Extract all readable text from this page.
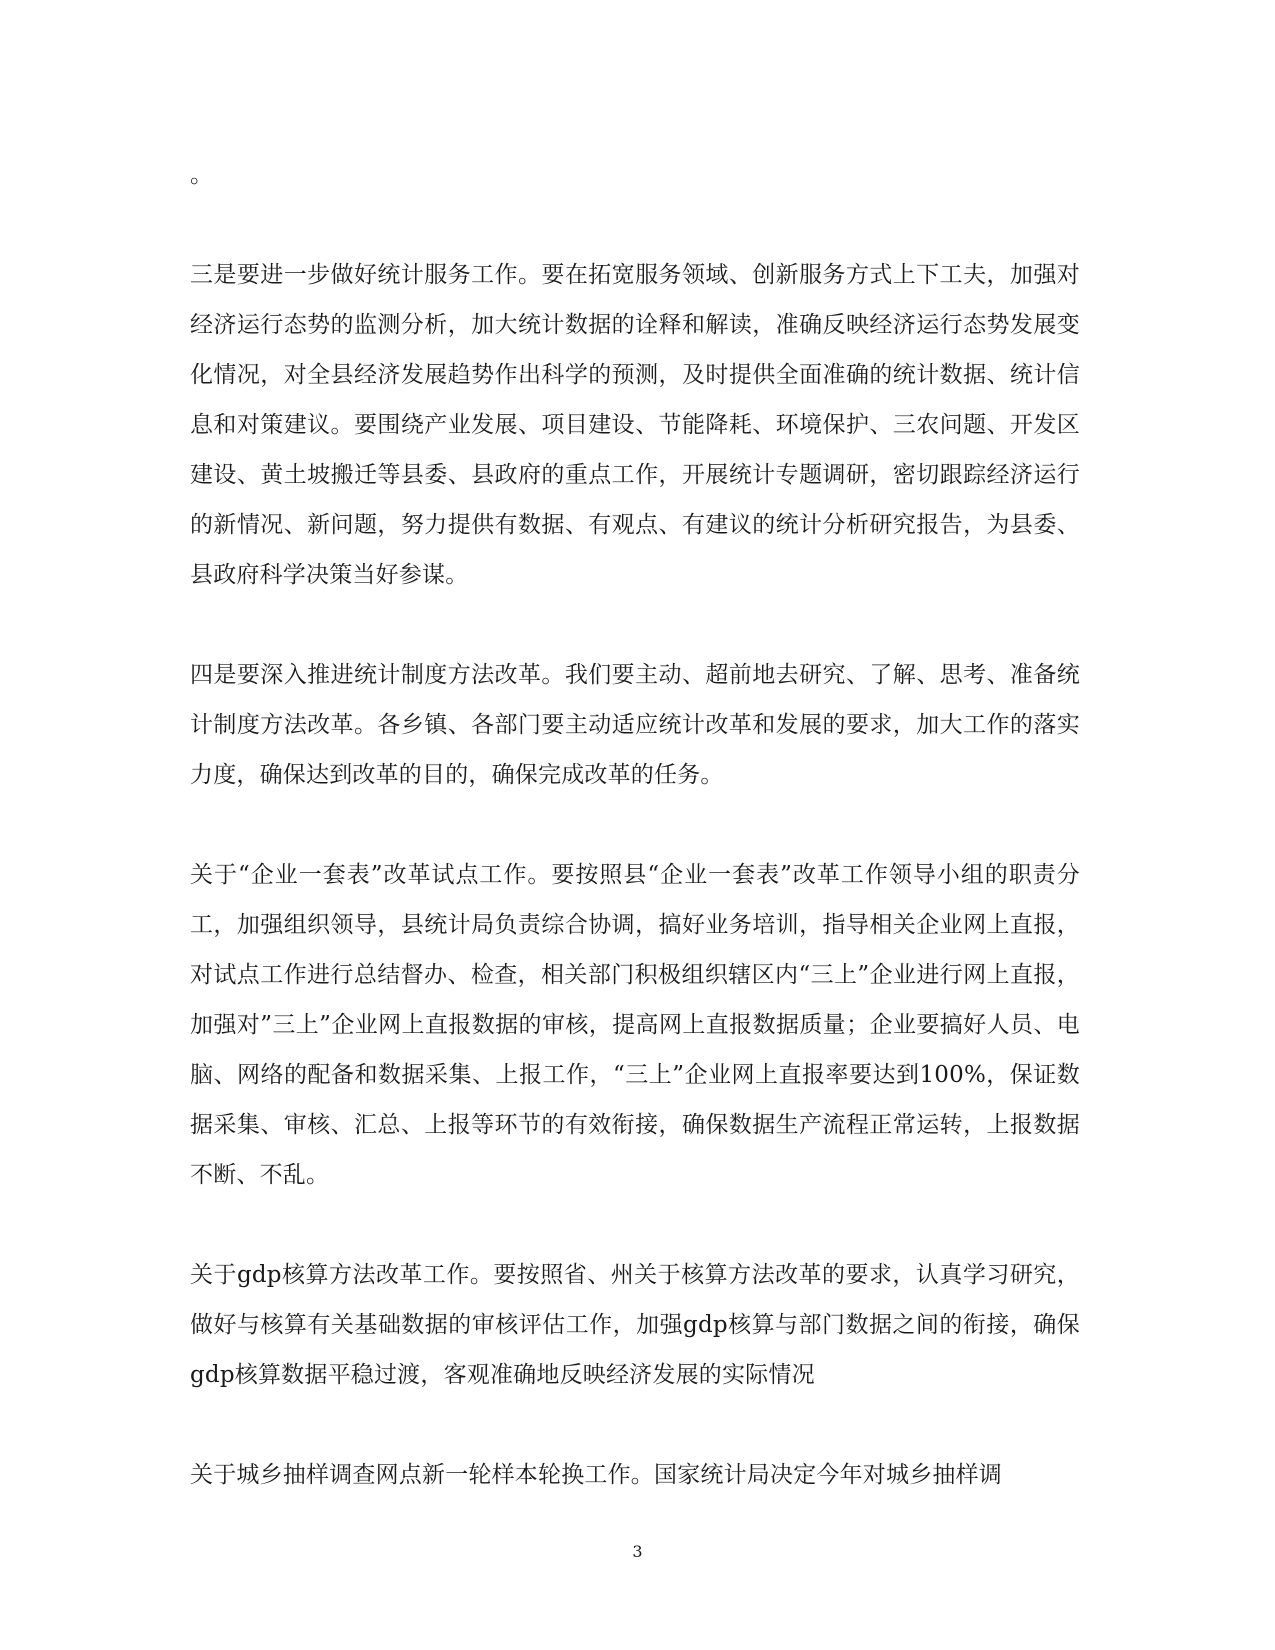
。

三是要进一步做好统计服务工作。要在拓宽服务领域、创新服务方式上下工夫，加强对经济运行态势的监测分析，加大统计数据的诠释和解读，准确反映经济运行态势发展变化情况，对全县经济发展趋势作出科学的预测，及时提供全面准确的统计数据、统计信息和对策建议。要围绕产业发展、项目建设、节能降耗、环境保护、三农问题、开发区建设、黄土坡搬迁等县委、县政府的重点工作，开展统计专题调研，密切跟踪经济运行的新情况、新问题，努力提供有数据、有观点、有建议的统计分析研究报告，为县委、县政府科学决策当好参谋。

四是要深入推进统计制度方法改革。我们要主动、超前地去研究、了解、思考、准备统计制度方法改革。各乡镇、各部门要主动适应统计改革和发展的要求，加大工作的落实力度，确保达到改革的目的，确保完成改革的任务。

关于“企业一套表”改革试点工作。要按照县“企业一套表”改革工作领导小组的职责分工，加强组织领导，县统计局负责综合协调，搞好业务培训，指导相关企业网上直报，对试点工作进行总结督办、检查，相关部门积极组织辖区内“三上”企业进行网上直报，加强对”三上”企业网上直报数据的审核，提高网上直报数据质量；企业要搞好人员、电脑、网络的配备和数据采集、上报工作，“三上”企业网上直报率要达到100%，保证数据采集、审核、汇总、上报等环节的有效衔接，确保数据生产流程正常运转，上报数据不断、不乱。

关于gdp核算方法改革工作。要按照省、州关于核算方法改革的要求，认真学习研究，做好与核算有关基础数据的审核评估工作，加强gdp核算与部门数据之间的衔接，确保gdp核算数据平稳过渡，客观准确地反映经济发展的实际情况

关于城乡抽样调查网点新一轮样本轮换工作。国家统计局决定今年对城乡抽样调

3
